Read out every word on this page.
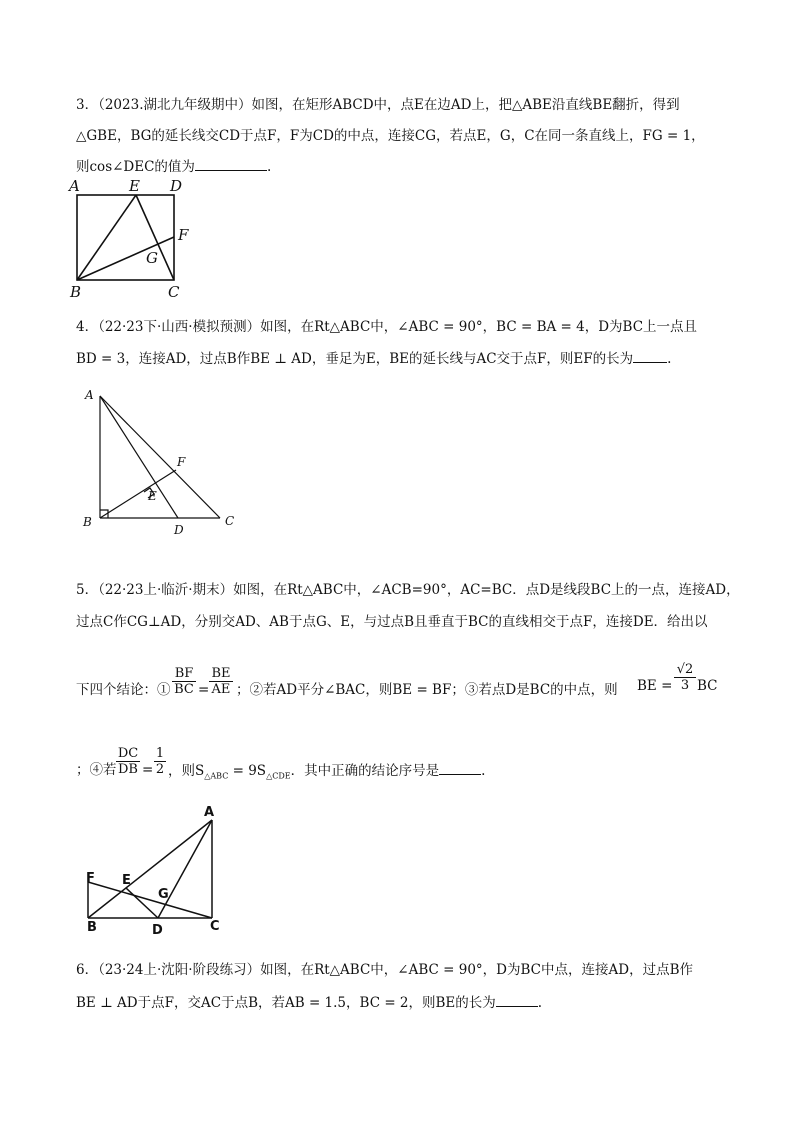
3．（2023.湖北九年级期中）如图，在矩形ABCD中，点E在边AD上，把△ABE沿直线BE翻折，得到
△GBE，BG的延长线交CD于点F，F为CD的中点，连接CG，若点E，G，C在同一条直线上，FG = 1，
则cos∠DEC的值为	.
A	E D
F
G
B	C
4．（22·23下·山西·模拟预测）如图，在Rt△ABC中，∠ABC = 90°，BC = BA = 4，D为BC上一点且
BD = 3，连接AD，过点B作BE ⊥ AD，垂足为E，BE的延长线与AC交于点F，则EF的长为	.
A
F
E
B
D
C
5．（22·23上·临沂·期末）如图，在Rt△ABC中，∠ACB=90°，AC=BC．点D是线段BC上的一点，连接AD，
过点C作CG⊥AD，分别交AD、AB于点G、E，与过点B且垂直于BC的直线相交于点F，连接DE．给出以
下四个结论：① $\frac{BF}{BC} = \frac{BE}{AE}$ ；②若AD平分∠BAC，则BE = BF；③若点D是BC的中点，则 BE = $\frac{√2}{3}$ BC
；④若 $\frac{DC}{DB} = \frac{1}{2}$ ，则$S_{\triangle ABC} = 9S_{\triangle CDE}$．其中正确的结论序号是	.
A
F E
G
B	D	C
6．（23·24上·沈阳·阶段练习）如图，在Rt△ABC中，∠ABC = 90°，D为BC中点，连接AD，过点B作
BE ⊥ AD于点F，交AC于点B，若AB = 1.5，BC = 2，则BE的长为	.
